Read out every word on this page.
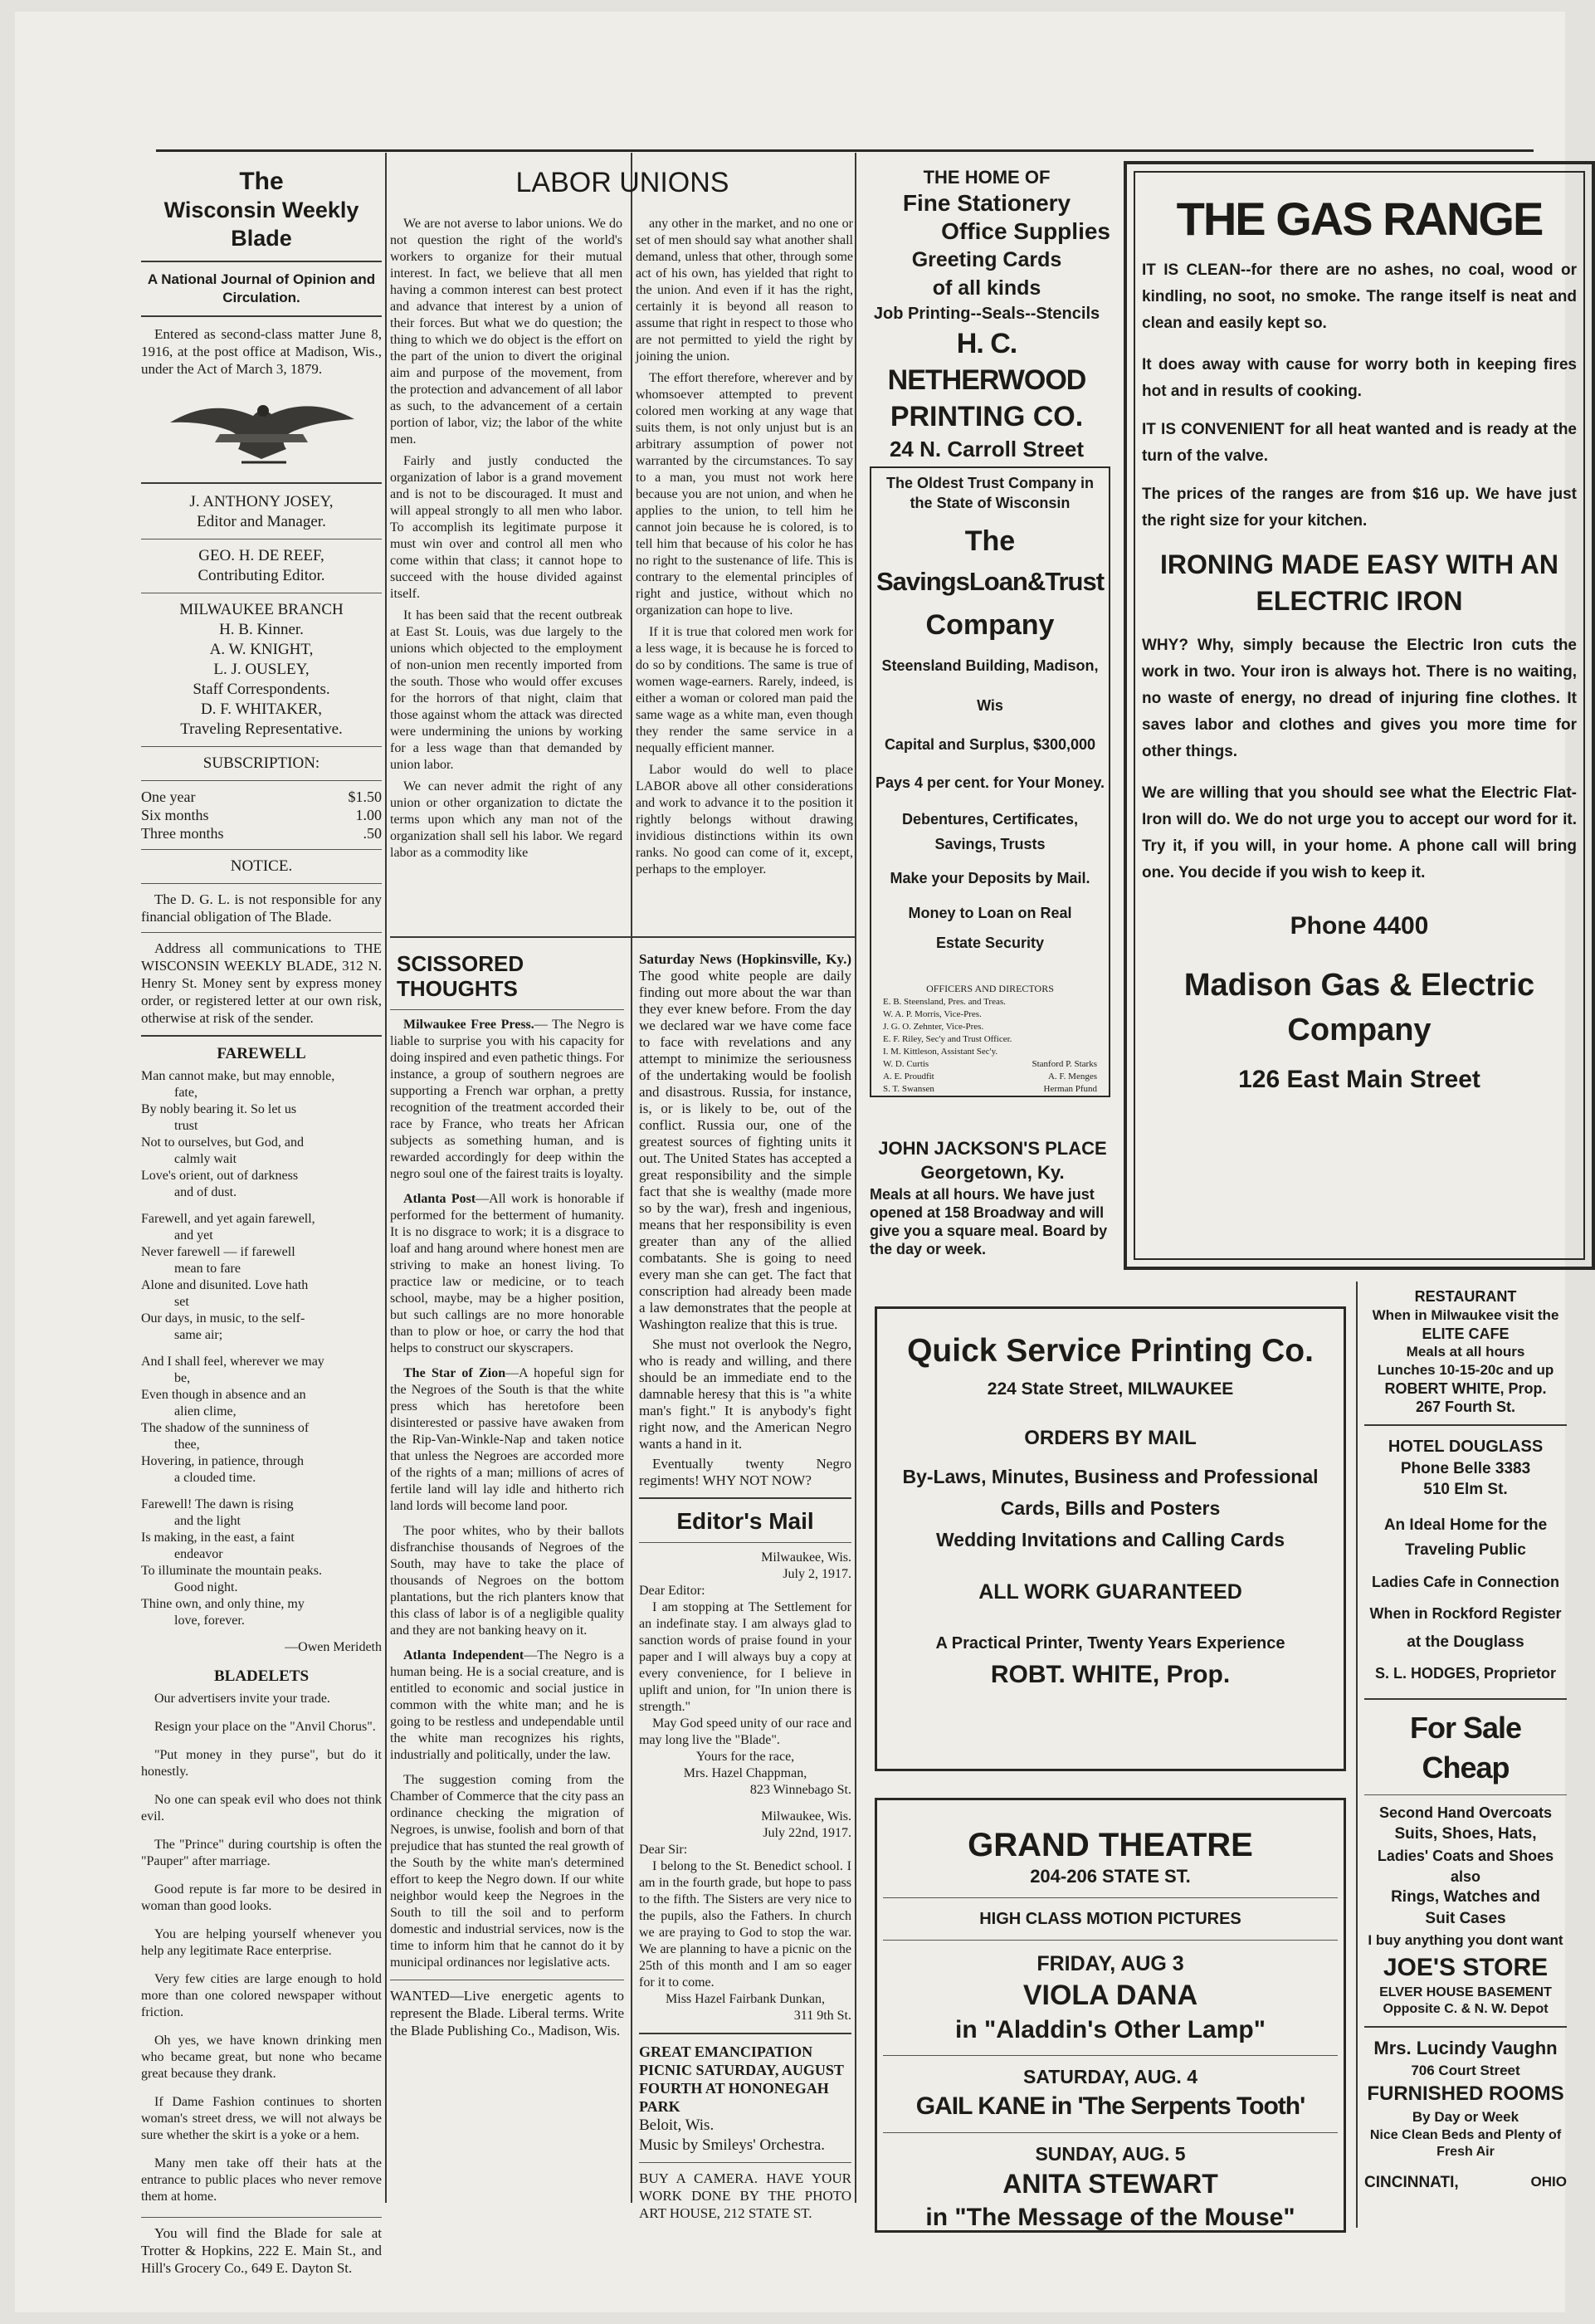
The
Wisconsin Weekly Blade
A National Journal of Opinion and Circulation.
Entered as second-class matter June 8, 1916, at the post office at Madison, Wis., under the Act of March 3, 1879.
J. ANTHONY JOSEY,
Editor and Manager.
GEO. H. DE REEF,
Contributing Editor.
MILWAUKEE BRANCH
H. B. Kinner.
A. W. KNIGHT,
L. J. OUSLEY,
Staff Correspondents.
D. F. WHITAKER,
Traveling Representative.
SUBSCRIPTION:
One year	$1.50
Six months	1.00
Three months	.50
NOTICE.
The D. G. L. is not responsible for any financial obligation of The Blade.
Address all communications to THE WISCONSIN WEEKLY BLADE, 312 N. Henry St. Money sent by express money order, or registered letter at our own risk, otherwise at risk of the sender.
FAREWELL

Man cannot make, but may ennoble,

fate,

By nobly bearing it. So let us

trust

Not to ourselves, but God, and

calmly wait

Love's orient, out of darkness

and of dust.

Farewell, and yet again farewell,

and yet

Never farewell — if farewell

mean to fare

Alone and disunited. Love hath

set

Our days, in music, to the self-

same air;

And I shall feel, wherever we may

be,

Even though in absence and an

alien clime,

The shadow of the sunniness of

thee,

Hovering, in patience, through

a clouded time.

Farewell! The dawn is rising

and the light

Is making, in the east, a faint

endeavor

To illuminate the mountain peaks.

Good night.

Thine own, and only thine, my

love, forever.

—Owen Merideth
BLADELETS

Our advertisers invite your trade.

Resign your place on the "Anvil Chorus".

"Put money in they purse", but do it honestly.

No one can speak evil who does not think evil.

The "Prince" during courtship is often the "Pauper" after marriage.

Good repute is far more to be desired in woman than good looks.

You are helping yourself whenever you help any legitimate Race enterprise.

Very few cities are large enough to hold more than one colored newspaper without friction.

Oh yes, we have known drinking men who became great, but none who became great because they drank.

If Dame Fashion continues to shorten woman's street dress, we will not always be sure whether the skirt is a yoke or a hem.

Many men take off their hats at the entrance to public places who never remove them at home.

You will find the Blade for sale at Trotter & Hopkins, 222 E. Main St., and Hill's Grocery Co., 649 E. Dayton St.
LABOR UNIONS

We are not averse to labor unions. We do not question the right of the world's workers to organize for their mutual interest. In fact, we believe that all men having a common interest can best protect and advance that interest by a union of their forces. But what we do question; the thing to which we do object is the effort on the part of the union to divert the original aim and purpose of the movement, from the protection and advancement of all labor as such, to the advancement of a certain portion of labor, viz; the labor of the white men.

Fairly and justly conducted the organization of labor is a grand movement and is not to be discouraged. It must and will appeal strongly to all men who labor. To accomplish its legitimate purpose it must win over and control all men who come within that class; it cannot hope to succeed with the house divided against itself.

It has been said that the recent outbreak at East St. Louis, was due largely to the unions which objected to the employment of non-union men recently imported from the south. Those who would offer excuses for the horrors of that night, claim that those against whom the attack was directed were undermining the unions by working for a less wage than that demanded by union labor.

We can never admit the right of any union or other organization to dictate the terms upon which any man not of the organization shall sell his labor. We regard labor as a commodity like

any other in the market, and no one or set of men should say what another shall demand, unless that other, through some act of his own, has yielded that right to the union. And even if it has the right, certainly it is beyond all reason to assume that right in respect to those who are not permitted to yield the right by joining the union.

The effort therefore, wherever and by whomsoever attempted to prevent colored men working at any wage that suits them, is not only unjust but is an arbitrary assumption of power not warranted by the circumstances. To say to a man, you must not work here because you are not union, and when he applies to the union, to tell him he cannot join because he is colored, is to tell him that because of his color he has no right to the sustenance of life. This is contrary to the elemental principles of right and justice, without which no organization can hope to live.

If it is true that colored men work for a less wage, it is because he is forced to do so by conditions. The same is true of women wage-earners. Rarely, indeed, is either a woman or colored man paid the same wage as a white man, even though they render the same service in a nequally efficient manner.

Labor would do well to place LABOR above all other considerations and work to advance it to the position it rightly belongs without drawing invidious distinctions within its own ranks. No good can come of it, except, perhaps to the employer.

SCISSORED THOUGHTS

Milwaukee Free Press.— The Negro is liable to surprise you with his capacity for doing inspired and even pathetic things. For instance, a group of southern negroes are supporting a French war orphan, a pretty recognition of the treatment accorded their race by France, who treats her African subjects as something human, and is rewarded accordingly for deep within the negro soul one of the fairest traits is loyalty.

Atlanta Post—All work is honorable if performed for the betterment of humanity. It is no disgrace to work; it is a disgrace to loaf and hang around where honest men are striving to make an honest living. To practice law or medicine, or to teach school, maybe, may be a higher position, but such callings are no more honorable than to plow or hoe, or carry the hod that helps to construct our skyscrapers.

The Star of Zion—A hopeful sign for the Negroes of the South is that the white press which has heretofore been disinterested or passive have awaken from the Rip-Van-Winkle-Nap and taken notice that unless the Negroes are accorded more of the rights of a man; millions of acres of fertile land will lay idle and hitherto rich land lords will become land poor.

The poor whites, who by their ballots disfranchise thousands of Negroes of the South, may have to take the place of thousands of Negroes on the bottom plantations, but the rich planters know that this class of labor is of a negligible quality and they are not banking heavy on it.

Atlanta Independent—The Negro is a human being. He is a social creature, and is entitled to economic and social justice in common with the white man; and he is going to be restless and undependable until the white man recognizes his rights, industrially and politically, under the law.

The suggestion coming from the Chamber of Commerce that the city pass an ordinance checking the migration of Negroes, is unwise, foolish and born of that prejudice that has stunted the real growth of the South by the white man's determined effort to keep the Negro down. If our white neighbor would keep the Negroes in the South to till the soil and to perform domestic and industrial services, now is the time to inform him that he cannot do it by municipal ordinances nor legislative acts.

WANTED—Live energetic agents to represent the Blade. Liberal terms. Write the Blade Publishing Co., Madison, Wis.
Saturday News (Hopkinsville, Ky.) The good white people are daily finding out more about the war than they ever knew before. From the day we declared war we have come face to face with revelations and any attempt to minimize the seriousness of the undertaking would be foolish and disastrous. Russia, for instance, is, or is likely to be, out of the conflict. Russia our, one of the greatest sources of fighting units it out. The United States has accepted a great responsibility and the simple fact that she is wealthy (made more so by the war), fresh and ingenious, means that her responsibility is even greater than any of the allied combatants. She is going to need every man she can get. The fact that conscription had already been made a law demonstrates that the people at Washington realize that this is true.
She must not overlook the Negro, who is ready and willing, and there should be an immediate end to the damnable heresy that this is "a white man's fight." It is anybody's fight right now, and the American Negro wants a hand in it.
Eventually twenty Negro regiments! WHY NOT NOW?
Editor's Mail
Milwaukee, Wis.
July 2, 1917.
Dear Editor:
I am stopping at The Settlement for an indefinate stay. I am always glad to sanction words of praise found in your paper and I will always buy a copy at every convenience, for I believe in uplift and union, for "In union there is strength."
May God speed unity of our race and may long live the "Blade".
Yours for the race,
Mrs. Hazel Chappman,
823 Winnebago St.
Milwaukee, Wis.
July 22nd, 1917.
Dear Sir:
I belong to the St. Benedict school. I am in the fourth grade, but hope to pass to the fifth. The Sisters are very nice to the pupils, also the Fathers. In church we are praying to God to stop the war. We are planning to have a picnic on the 25th of this month and I am so eager for it to come.
Miss Hazel Fairbank Dunkan,
311 9th St.
GREAT EMANCIPATION PICNIC SATURDAY, AUGUST FOURTH AT HONONEGAH PARK
Beloit, Wis.
Music by Smileys' Orchestra.
BUY A CAMERA. HAVE YOUR WORK DONE BY THE PHOTO ART HOUSE, 212 STATE ST.
THE HOME OF
Fine Stationery
Office Supplies
Greeting Cards
of all kinds
Job Printing--Seals--Stencils
H. C. NETHERWOOD
PRINTING CO.
24 N. Carroll Street
The Oldest Trust Company in the State of Wisconsin
The
SavingsLoan&Trust
Company
Steensland Building, Madison, Wis
Capital and Surplus, $300,000
Pays 4 per cent. for Your Money.
Debentures, Certificates,
Savings, Trusts
Make your Deposits by Mail.
Money to Loan on Real
Estate Security
OFFICERS AND DIRECTORS
E. B. Steensland, Pres. and Treas.
W. A. P. Morris, Vice-Pres.
J. G. O. Zehnter, Vice-Pres.
E. F. Riley, Sec'y and Trust Officer.
I. M. Kittleson, Assistant Sec'y.
W. D. Curtis	Stanford P. Starks
A. E. Proudfit	A. F. Menges
S. T. Swansen	Herman Pfund
JOHN JACKSON'S PLACE
Georgetown, Ky.
Meals at all hours. We have just opened at 158 Broadway and will give you a square meal. Board by the day or week.
THE GAS RANGE
IT IS CLEAN--for there are no ashes, no coal, wood or kindling, no soot, no smoke. The range itself is neat and clean and easily kept so.
It does away with cause for worry both in keeping fires hot and in results of cooking.
IT IS CONVENIENT for all heat wanted and is ready at the turn of the valve.
The prices of the ranges are from $16 up. We have just the right size for your kitchen.
IRONING MADE EASY WITH AN ELECTRIC IRON
WHY? Why, simply because the Electric Iron cuts the work in two. Your iron is always hot. There is no waiting, no waste of energy, no dread of injuring fine clothes. It saves labor and clothes and gives you more time for other things.
We are willing that you should see what the Electric Flat-Iron will do. We do not urge you to accept our word for it. Try it, if you will, in your home. A phone call will bring one. You decide if you wish to keep it.
Phone 4400
Madison Gas & Electric
Company
126 East Main Street
Quick Service Printing Co.
224 State Street, MILWAUKEE
ORDERS BY MAIL
By-Laws, Minutes, Business and Professional
Cards, Bills and Posters
Wedding Invitations and Calling Cards
ALL WORK GUARANTEED
A Practical Printer, Twenty Years Experience
ROBT. WHITE, Prop.
GRAND THEATRE
204-206 STATE ST.
HIGH CLASS MOTION PICTURES
FRIDAY, AUG 3
VIOLA DANA
in "Aladdin's Other Lamp"
SATURDAY, AUG. 4
GAIL KANE in 'The Serpents Tooth'
SUNDAY, AUG. 5
ANITA STEWART
in "The Message of the Mouse"
RESTAURANT
When in Milwaukee visit the
ELITE CAFE
Meals at all hours
Lunches 10-15-20c and up
ROBERT WHITE, Prop.
267 Fourth St.
HOTEL DOUGLASS
Phone Belle 3383
510 Elm St.
An Ideal Home for the
Traveling Public
Ladies Cafe in Connection
When in Rockford Register
at the Douglass
S. L. HODGES, Proprietor
For Sale Cheap
Second Hand Overcoats
Suits, Shoes, Hats,
Ladies' Coats and Shoes
also
Rings, Watches and
Suit Cases
I buy anything you dont want
JOE'S STORE
ELVER HOUSE BASEMENT
Opposite C. & N. W. Depot
Mrs. Lucindy Vaughn
706 Court Street
FURNISHED ROOMS
By Day or Week
Nice Clean Beds and Plenty of Fresh Air
CINCINNATI,	OHIO
